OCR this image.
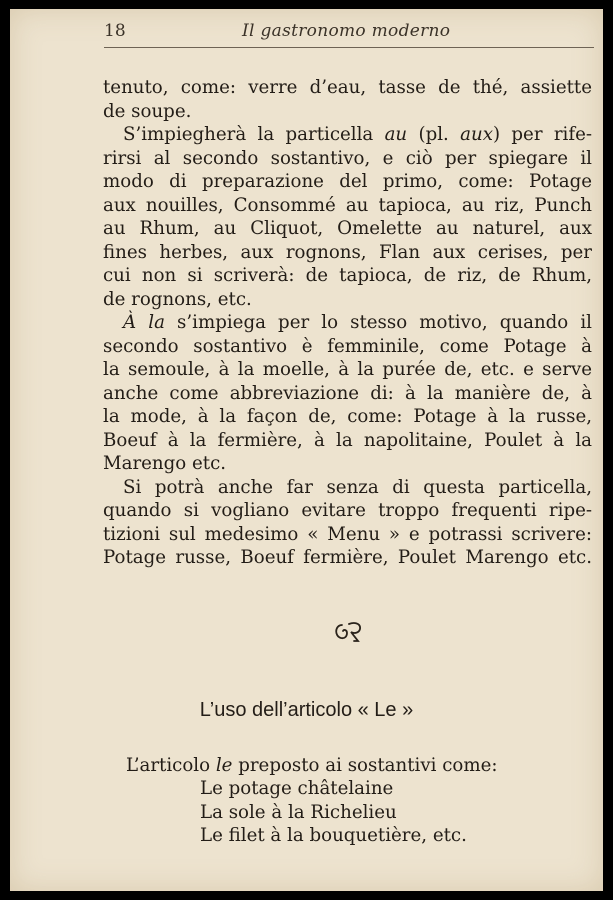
18	Il gastronomo moderno
tenuto, come: verre d’eau, tasse de thé, assiette
de soupe.
S’impiegherà la particella au (pl. aux) per rife-
rirsi al secondo sostantivo, e ciò per spiegare il
modo di preparazione del primo, come: Potage
aux nouilles, Consommé au tapioca, au riz, Punch
au Rhum, au Cliquot, Omelette au naturel, aux
fines herbes, aux rognons, Flan aux cerises, per
cui non si scriverà: de tapioca, de riz, de Rhum,
de rognons, etc.
À la s’impiega per lo stesso motivo, quando il
secondo sostantivo è femminile, come Potage à
la semoule, à la moelle, à la purée de, etc. e serve
anche come abbreviazione di: à la manière de, à
la mode, à la façon de, come: Potage à la russe,
Boeuf à la fermière, à la napolitaine, Poulet à la
Marengo etc.
Si potrà anche far senza di questa particella,
quando si vogliano evitare troppo frequenti ripe-
tizioni sul medesimo « Menu » e potrassi scrivere:
Potage russe, Boeuf fermière, Poulet Marengo etc.
L’uso dell’articolo « Le »
L’articolo le preposto ai sostantivi come:
Le potage châtelaine
La sole à la Richelieu
Le filet à la bouquetière, etc.
